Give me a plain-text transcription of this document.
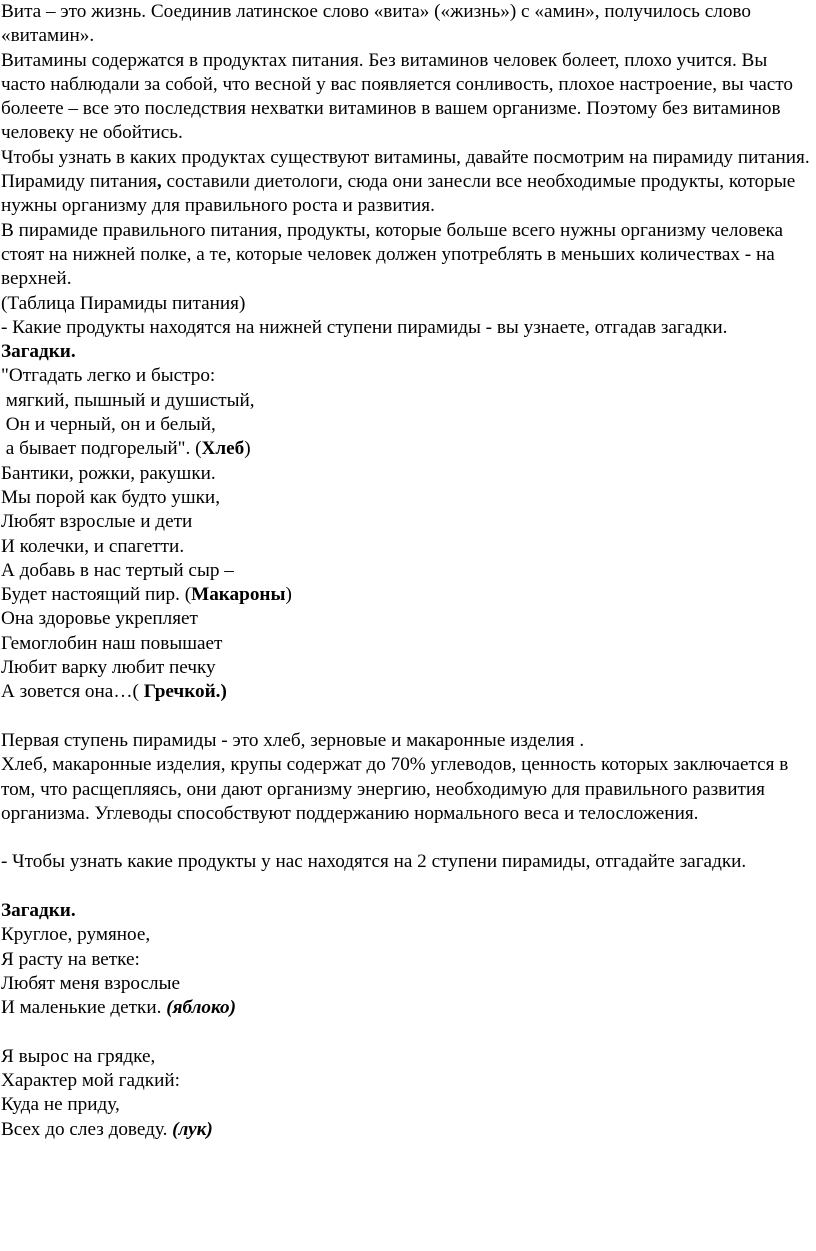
Вита – это жизнь. Соединив латинское слово «вита» («жизнь») с «амин», получилось слово «витамин».
Витамины содержатся в продуктах питания. Без витаминов человек болеет, плохо учится. Вы часто наблюдали за собой, что весной у вас появляется сонливость, плохое настроение, вы часто болеете – все это последствия нехватки витаминов в вашем организме. Поэтому без витаминов человеку не обойтись.
Чтобы узнать в каких продуктах существуют витамины, давайте посмотрим на пирамиду питания. Пирамиду питания, составили диетологи, сюда они занесли все необходимые продукты, которые нужны организму для правильного роста и развития.
В пирамиде правильного питания, продукты, которые больше всего нужны организму человека стоят на нижней полке, а те, которые человек должен употреблять в меньших количествах - на верхней.
(Таблица Пирамиды питания)
- Какие продукты находятся на нижней ступени пирамиды - вы узнаете, отгадав загадки.
Загадки.
"Отгадать легко и быстро:
мягкий, пышный и душистый,
Он и черный, он и белый,
а бывает подгорелый". (Хлеб)
Бантики, рожки, ракушки.
Мы порой как будто ушки,
Любят взрослые и дети
И колечки, и спагетти.
А добавь в нас тертый сыр –
Будет настоящий пир. (Макароны)
Она здоровье укрепляет
Гемоглобин наш повышает
Любит варку любит печку
А зовется она…( Гречкой.)
Первая ступень пирамиды - это хлеб, зерновые и макаронные изделия .
Хлеб, макаронные изделия, крупы содержат до 70% углеводов, ценность которых заключается в том, что расщепляясь, они дают организму энергию, необходимую для правильного развития организма. Углеводы способствуют поддержанию нормального веса и телосложения.
- Чтобы узнать какие продукты у нас находятся на 2 ступени пирамиды, отгадайте загадки.
Загадки.
Круглое, румяное,
Я расту на ветке:
Любят меня взрослые
И маленькие детки. (яблоко)
Я вырос на грядке,
Характер мой гадкий:
Куда не приду,
Всех до слез доведу. (лук)
